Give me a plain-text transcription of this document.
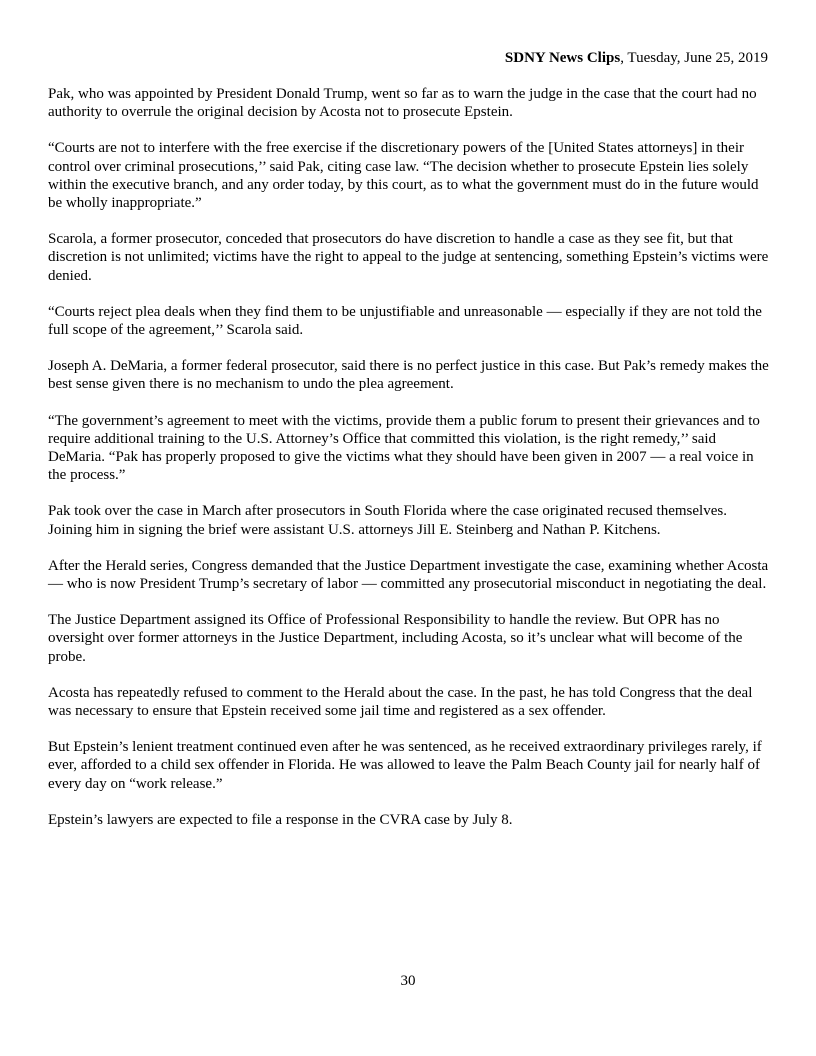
SDNY News Clips, Tuesday, June 25, 2019

Pak, who was appointed by President Donald Trump, went so far as to warn the judge in the case that the court had no authority to overrule the original decision by Acosta not to prosecute Epstein.

“Courts are not to interfere with the free exercise if the discretionary powers of the [United States attorneys] in their control over criminal prosecutions,’’ said Pak, citing case law. “The decision whether to prosecute Epstein lies solely within the executive branch, and any order today, by this court, as to what the government must do in the future would be wholly inappropriate.”

Scarola, a former prosecutor, conceded that prosecutors do have discretion to handle a case as they see fit, but that discretion is not unlimited; victims have the right to appeal to the judge at sentencing, something Epstein’s victims were denied.

“Courts reject plea deals when they find them to be unjustifiable and unreasonable — especially if they are not told the full scope of the agreement,’’ Scarola said.

Joseph A. DeMaria, a former federal prosecutor, said there is no perfect justice in this case. But Pak’s remedy makes the best sense given there is no mechanism to undo the plea agreement.

“The government’s agreement to meet with the victims, provide them a public forum to present their grievances and to require additional training to the U.S. Attorney’s Office that committed this violation, is the right remedy,’’ said DeMaria. “Pak has properly proposed to give the victims what they should have been given in 2007 — a real voice in the process.”

Pak took over the case in March after prosecutors in South Florida where the case originated recused themselves. Joining him in signing the brief were assistant U.S. attorneys Jill E. Steinberg and Nathan P. Kitchens.

After the Herald series, Congress demanded that the Justice Department investigate the case, examining whether Acosta — who is now President Trump’s secretary of labor — committed any prosecutorial misconduct in negotiating the deal.

The Justice Department assigned its Office of Professional Responsibility to handle the review. But OPR has no oversight over former attorneys in the Justice Department, including Acosta, so it’s unclear what will become of the probe.

Acosta has repeatedly refused to comment to the Herald about the case. In the past, he has told Congress that the deal was necessary to ensure that Epstein received some jail time and registered as a sex offender.

But Epstein’s lenient treatment continued even after he was sentenced, as he received extraordinary privileges rarely, if ever, afforded to a child sex offender in Florida. He was allowed to leave the Palm Beach County jail for nearly half of every day on “work release.”

Epstein’s lawyers are expected to file a response in the CVRA case by July 8.

30
